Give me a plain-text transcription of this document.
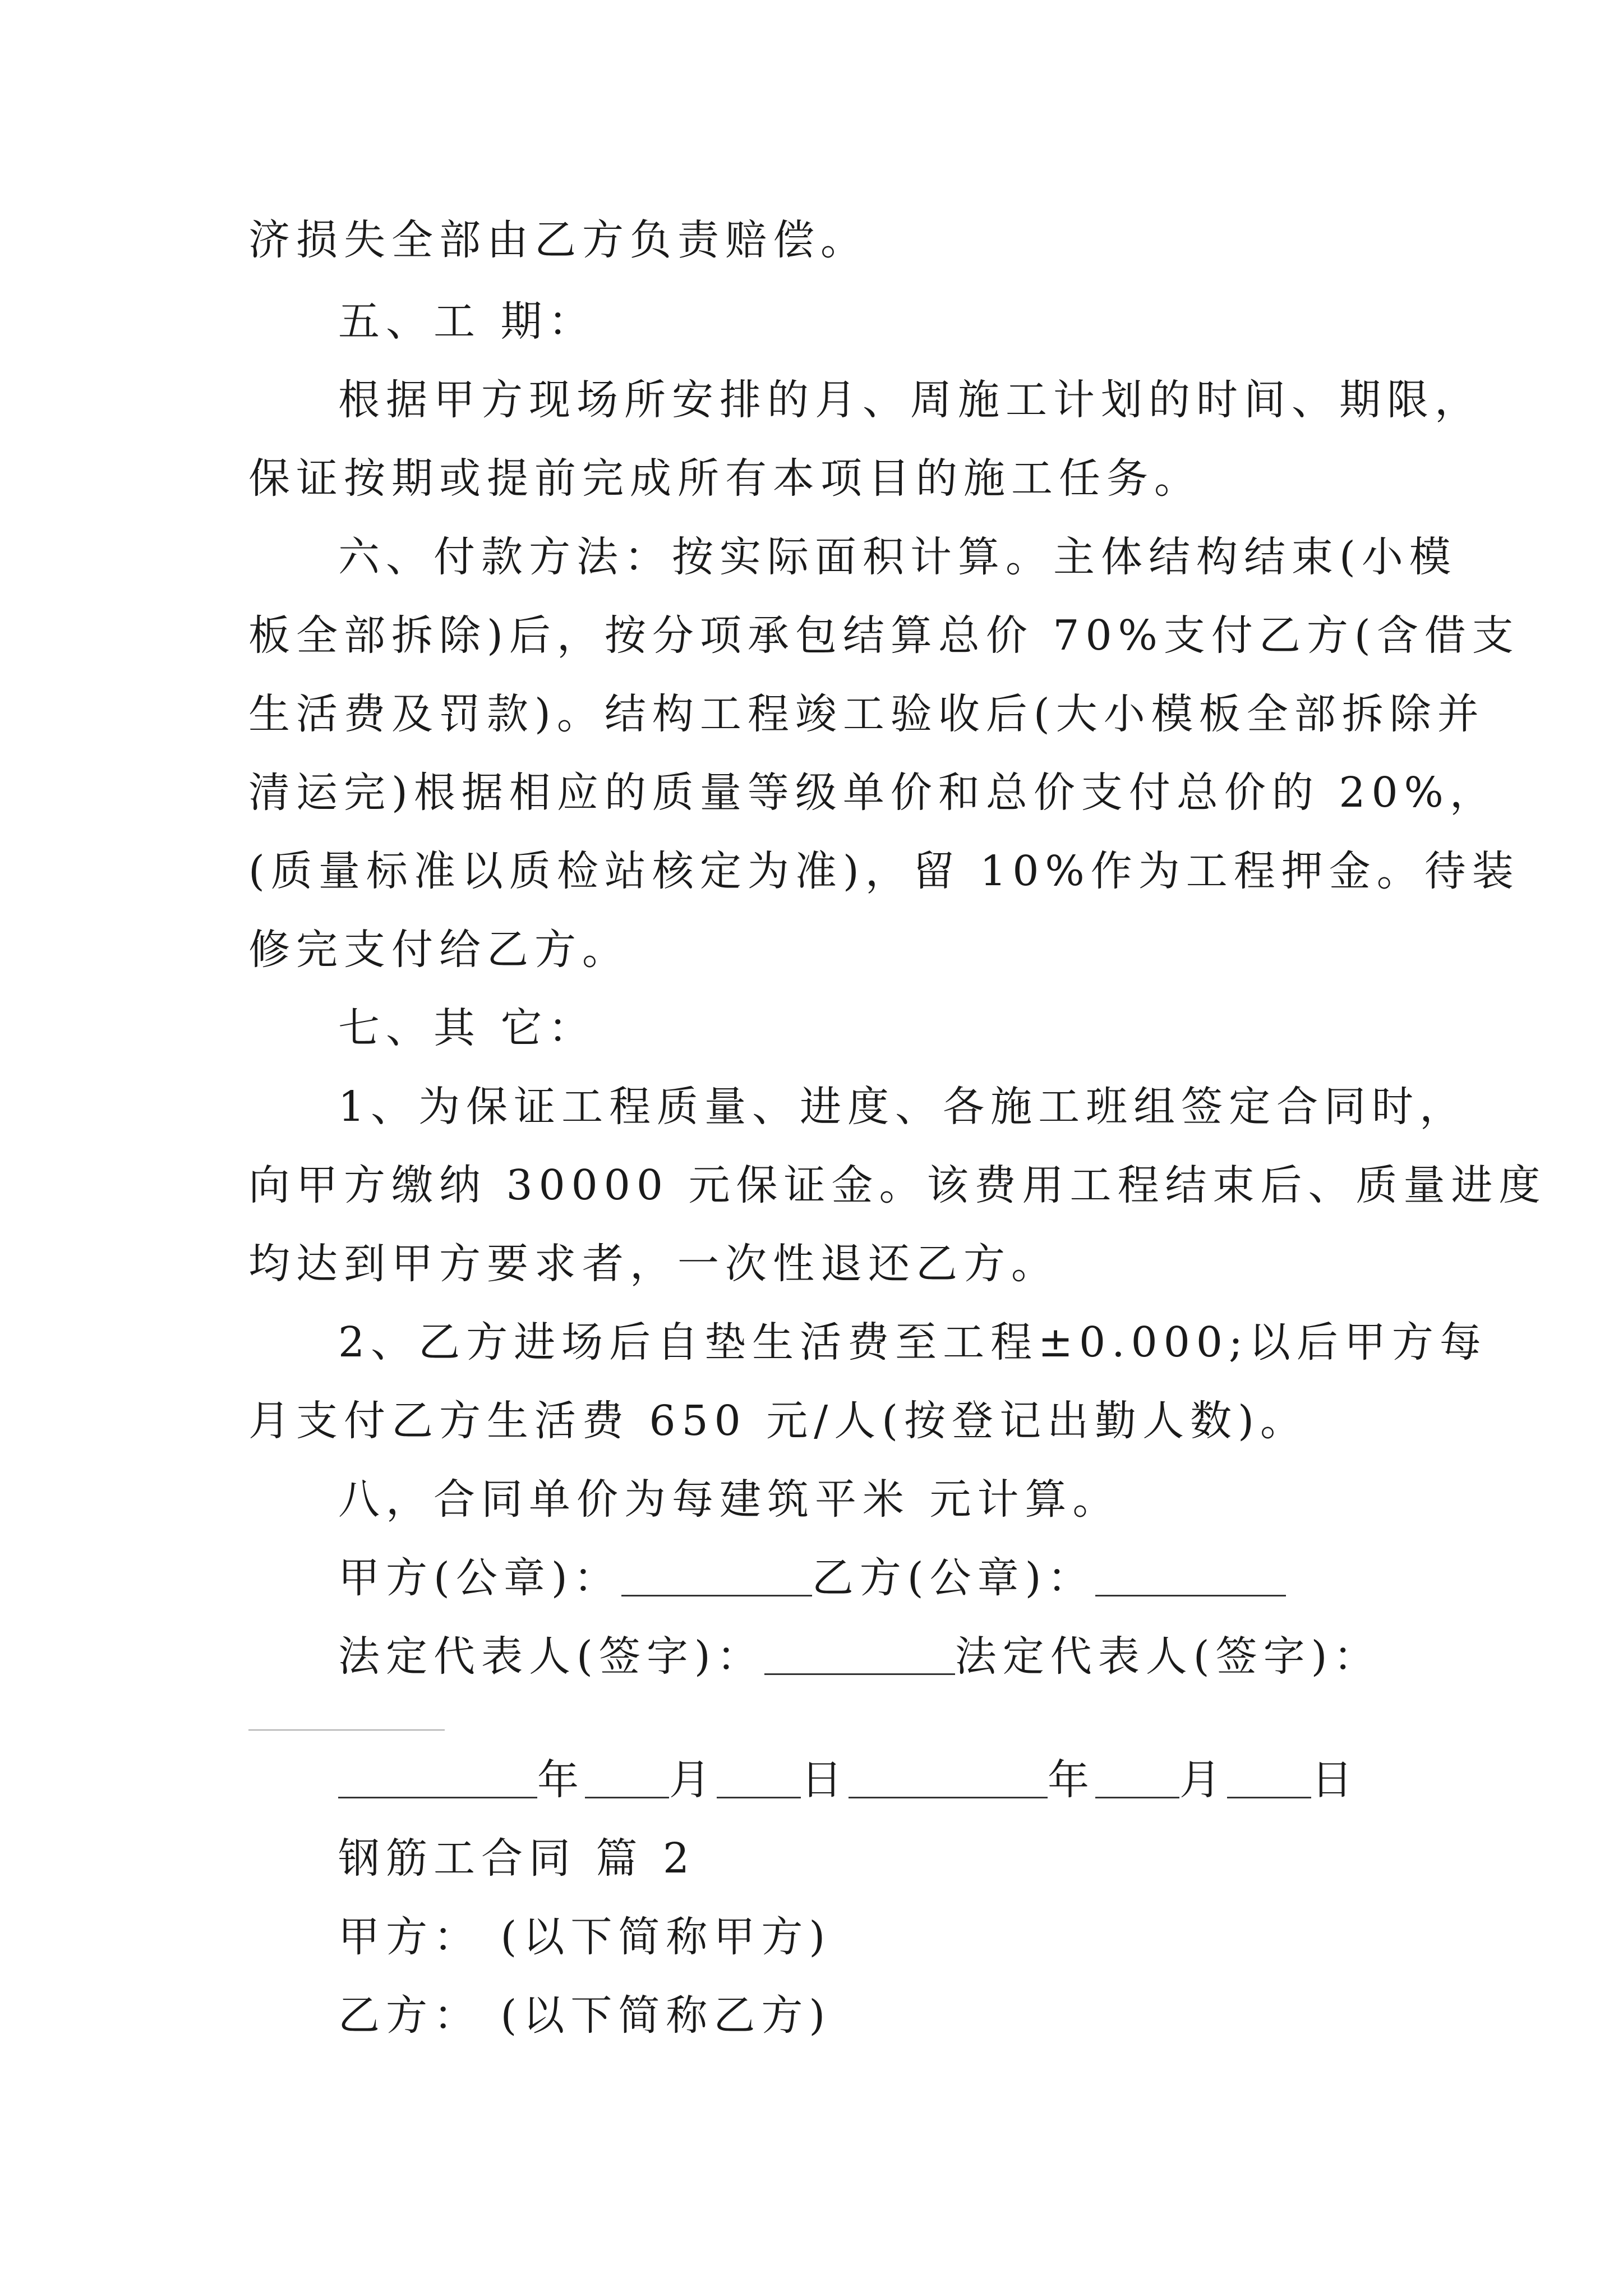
济损失全部由乙方负责赔偿。
五、工 期：
根据甲方现场所安排的月、周施工计划的时间、期限，
保证按期或提前完成所有本项目的施工任务。
六、付款方法：按实际面积计算。主体结构结束(小模
板全部拆除)后，按分项承包结算总价 70%支付乙方(含借支
生活费及罚款)。结构工程竣工验收后(大小模板全部拆除并
清运完)根据相应的质量等级单价和总价支付总价的 20%，
(质量标准以质检站核定为准)，留 10%作为工程押金。待装
修完支付给乙方。
七、其 它：
1、为保证工程质量、进度、各施工班组签定合同时，
向甲方缴纳 30000 元保证金。该费用工程结束后、质量进度
均达到甲方要求者，一次性退还乙方。
2、乙方进场后自垫生活费至工程±0.000;以后甲方每
月支付乙方生活费 650 元/人(按登记出勤人数)。
八，合同单价为每建筑平米 元计算。
甲方(公章)：	乙方(公章)：
法定代表人(签字)：	法定代表人(签字)：
年 月 日	年 月 日
钢筋工合同 篇 2
甲方： (以下简称甲方)
乙方： (以下简称乙方)
